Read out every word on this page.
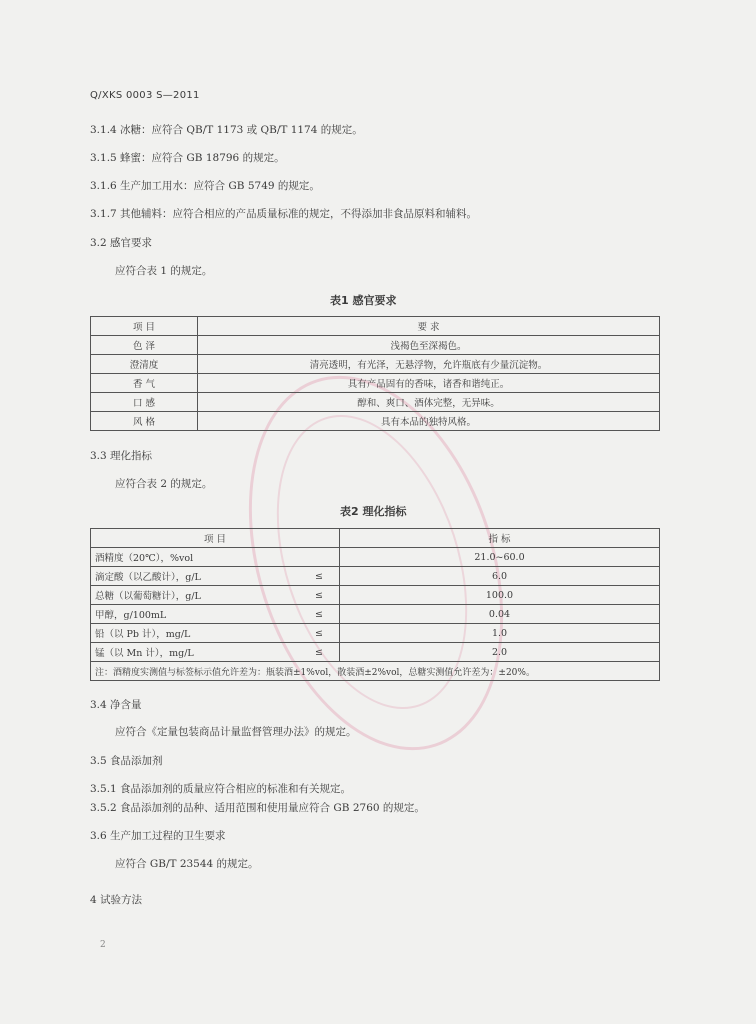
Q/XKS 0003 S—2011
3.1.4 冰糖：应符合 QB/T 1173 或 QB/T 1174 的规定。
3.1.5 蜂蜜：应符合 GB 18796 的规定。
3.1.6 生产加工用水：应符合 GB 5749 的规定。
3.1.7 其他辅料：应符合相应的产品质量标准的规定，不得添加非食品原料和辅料。
3.2 感官要求
应符合表 1 的规定。
表1 感官要求
项 目	要 求
色 泽	浅褐色至深褐色。
澄清度	清亮透明，有光泽，无悬浮物，允许瓶底有少量沉淀物。
香 气	具有产品固有的香味，诸香和谐纯正。
口 感	醇和、爽口、酒体完整，无异味。
风 格	具有本品的独特风格。
3.3 理化指标
应符合表 2 的规定。
表2 理化指标
项 目		指 标
酒精度（20℃），%vol		21.0~60.0
滴定酸（以乙酸计），g/L	≤	6.0
总糖（以葡萄糖计），g/L	≤	100.0
甲醇，g/100mL	≤	0.04
铅（以 Pb 计），mg/L	≤	1.0
锰（以 Mn 计），mg/L	≤	2.0
注：酒精度实测值与标签标示值允许差为：瓶装酒±1%vol，散装酒±2%vol，总糖实测值允许差为：±20%。		
3.4 净含量
应符合《定量包装商品计量监督管理办法》的规定。
3.5 食品添加剂
3.5.1 食品添加剂的质量应符合相应的标准和有关规定。
3.5.2 食品添加剂的品种、适用范围和使用量应符合 GB 2760 的规定。
3.6 生产加工过程的卫生要求
应符合 GB/T 23544 的规定。
4 试验方法
2
